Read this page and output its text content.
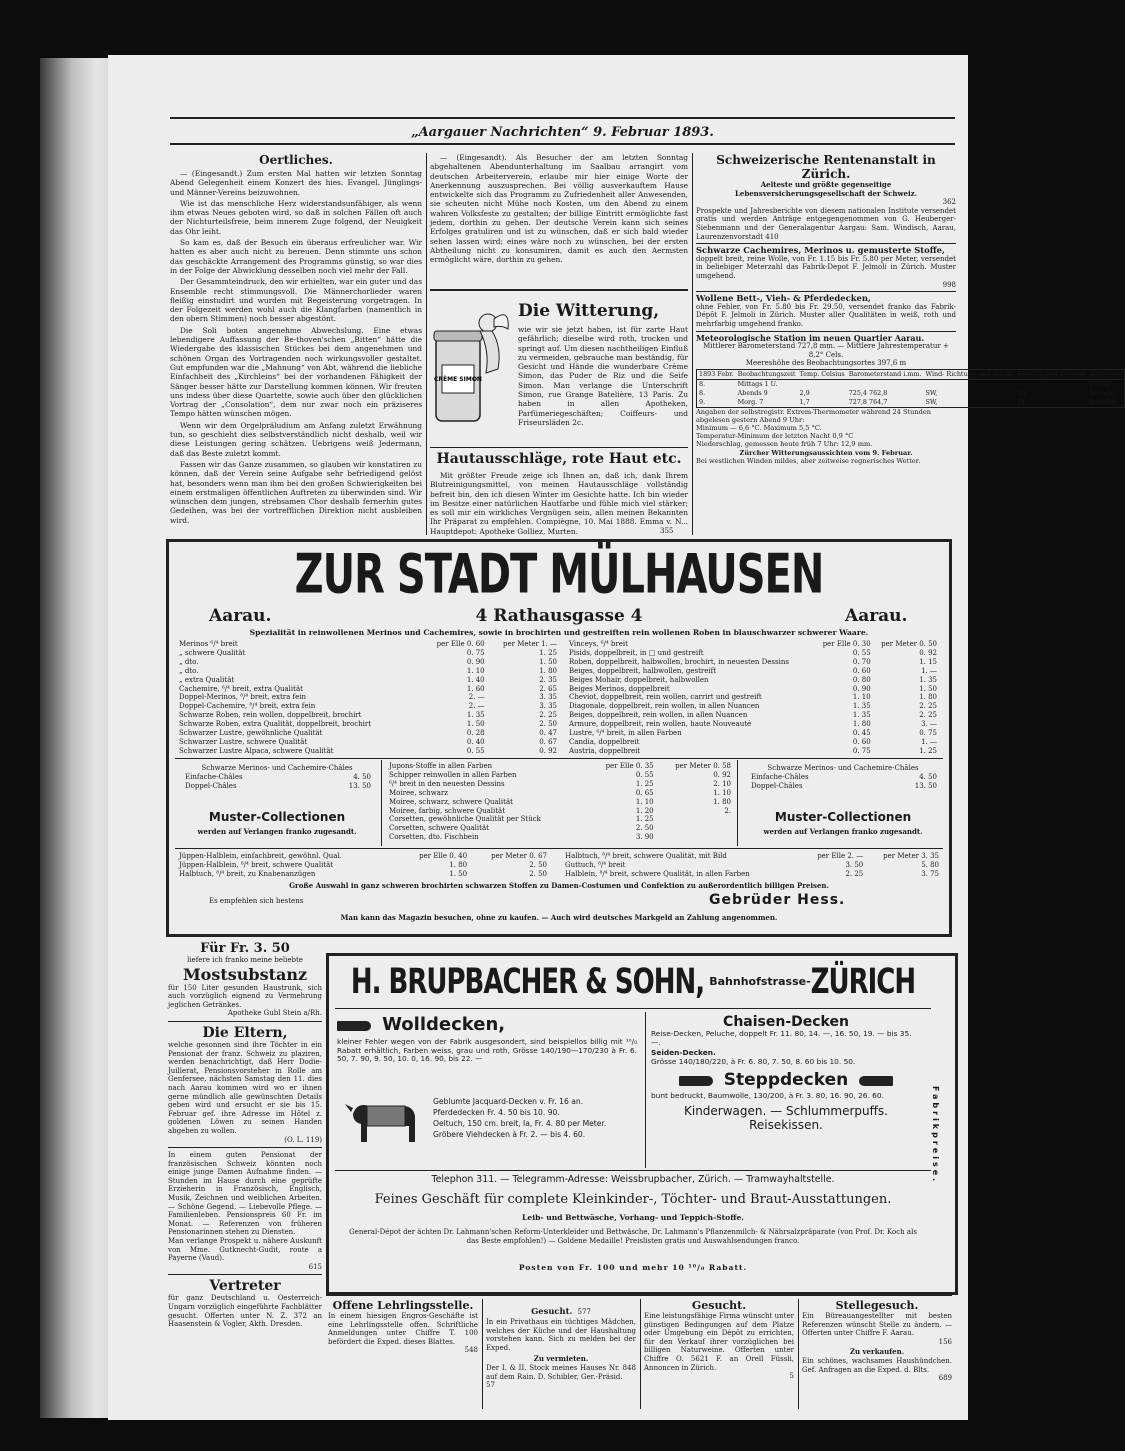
„Aargauer Nachrichten“ 9. Februar 1893.
Oertliches.

— (Eingesandt.) Zum ersten Mal hatten wir letzten Sonntag Abend Gelegenheit einem Konzert des hies. Evangel. Jünglings- und Männer-Vereins beizuwohnen.

Wie ist das menschliche Herz widerstandsunfähiger, als wenn ihm etwas Neues geboten wird, so daß in solchen Fällen oft auch der Nichturteilsfreie, beim innerem Zuge folgend, der Neuigkeit das Ohr leiht.

So kam es, daß der Besuch ein überaus erfreulicher war. Wir hatten es aber auch nicht zu bereuen. Denn stimmte uns schon das geschäckte Arrangement des Programms günstig, so war dies in der Folge der Abwicklung desselben noch viel mehr der Fall.

Der Gesammteindruck, den wir erhielten, war ein guter und das Ensemble recht stimmungsvoll. Die Männerchorlieder waren fleißig einstudirt und wurden mit Begeisterung vorgetragen. In der Folgezeit werden wohl auch die Klangfarben (namentlich in den obern Stimmen) noch besser abgestönt.

Die Soli boten angenehme Abwechslung. Eine etwas lebendigere Auffassung der Be-thoven'schen „Bitten“ hätte die Wiedergabe des klassischen Stückes bei dem angenehmen und schönen Organ des Vortragenden noch wirkungsvoller gestaltet. Gut empfunden war die „Mahnung“ von Abt, während die liebliche Einfachheit des „Kirchleins“ bei der vorhandenen Fähigkeit der Sänger besser hätte zur Darstellung kommen können. Wir freuten uns indess über diese Quartette, sowie auch über den glücklichen Vortrag der „Consolation“, dem nur zwar noch ein präziseres Tempo hätten wünschen mögen.

Wenn wir dem Orgelpräludium am Anfang zuletzt Erwähnung tun, so geschieht dies selbstverständlich nicht deshalb, weil wir diese Leistungen gering schätzen. Uebrigens weiß Jedermann, daß das Beste zuletzt kommt.

Fassen wir das Ganze zusammen, so glauben wir konstatiren zu können, daß der Verein seine Aufgabe sehr befriedigend gelöst hat, besonders wenn man ihm bei den großen Schwierigkeiten bei einem erstmaligen öffentlichen Auftreten zu überwinden sind. Wir wünschen dem jungen, strebsamen Chor deshalb fernerhin gutes Gedeihen, was bei der vortrefflichen Direktion nicht ausbleiben wird.

— (Eingesandt). Als Besucher der am letzten Sonntag abgehaltenen Abendunterhaltung im Saalbau arrangirt vom deutschen Arbeiterverein, erlaube mir hier einige Worte der Anerkennung auszusprechen. Bei völlig ausverkauftem Hause entwickelte sich das Programm zu Zufriedenheit aller Anwesenden, sie scheuten nicht Mühe noch Kosten, um den Abend zu einem wahren Volksfeste zu gestalten; der billige Eintritt ermöglichte fast jedem, dorthin zu gehen. Der deutsche Verein kann sich seines Erfolges gratuliren und ist zu wünschen, daß er sich bald wieder sehen lassen wird; eines wäre noch zu wünschen, bei der ersten Abtheilung nicht zu konsumiren, damit es auch den Aermsten ermöglicht wäre, dorthin zu gehen.

CRÈME SIMON
Die Witterung,
wie wir sie jetzt haben, ist für zarte Haut gefährlich; dieselbe wird roth, trocken und springt auf. Um diesen nachtheiligen Einfluß zu vermeiden, gebrauche man beständig, für Gesicht und Hände die wunderbare Crème Simon, das Puder de Riz und die Seife Simon. Man verlange die Unterschrift Simon, rue Grange Batelière, 13 Paris. Zu haben in allen Apotheken, Parfümeriegeschäften; Coiffeurs- und Friseursläden 2c.
Hautausschläge, rote Haut etc.

Mit größter Freude zeige ich Ihnen an, daß ich, dank Ihrem Blutreinigungsmittel, von meinen Hautausschläge vollständig befreit bin, den ich diesen Winter im Gesichte hatte. Ich bin wieder im Besitze einer natürlichen Hautfarbe und fühle mich viel stärker; es soll mir ein wirkliches Vergnügen sein, allen meinen Bekannten Ihr Präparat zu empfehlen. Compiègne, 10. Mai 1888. Emma v. N... Hauptdepot: Apotheke Golliez, Murten.	355
Schweizerische Rentenanstalt in Zürich.
Aelteste und größte gegenseitige Lebensversicherungsgesellschaft der Schweiz.
362
Prospekte und Jahresberichte von diesem nationalen Institute versendet gratis und werden Anträge entgegengenommen von G. Heuberger-Siebenmann und der Generalagentur Aargau: Sam. Windisch, Aarau, Laurenzenvorstadt 410
Schwarze Cachemires, Merinos u. gemusterte Stoffe,
doppelt breit, reine Wolle, von Fr. 1.15 bis Fr. 5.80 per Meter, versendet in beliebiger Meterzahl das Fabrik-Depot F. Jelmoli in Zürich. Muster umgehend.
998
Wollene Bett-, Vieh- & Pferdedecken,
ohne Fehler, von Fr. 5.80 bis Fr. 29.50, versendet franko das Fabrik-Dépôt F. Jelmoli in Zürich. Muster aller Qualitäten in weiß, roth und mehrfarbig umgehend franko.
Meteorologische Station im neuen Quartier Aarau.
Mittlerer Barometerstand 727,8 mm. — Mittlere Jahrestemperatur + 8,2° Cels.
Meereshöhe des Beobachtungsortes 397,6 m
1893 Febr.	Beobachtungszeit	Temp. Celsius	Barometerstand i.mm.	Wind- Richtung und Stärke	Feuchtigkeit Prozent	Witterung
8.	Mittags 1 U.					wolkig
8.	Abends 9	2,9	725,4 762,8	SW,	95	bedeckt
9.	Morg. 7	1,7	727,8 764,7	SW,	91	bewolkt
Angaben der selbstregistr. Extrem-Thermometer während 24 Stunden abgelesen gestern Abend 9 Uhr:
Minimum — 6,6 °C. Maximum 5,5 °C.
Temperatur-Minimum der letzten Nacht 0,9 °C
Niederschlag, gemessen heute früh 7 Uhr: 12,9 mm.
Zürcher Witterungsaussichten vom 9. Februar.
Bei westlichen Winden mildes, aber zeitweise regnerisches Wetter.
ZUR STADT MÜLHAUSEN
Aarau.	4 Rathausgasse 4	Aarau.
Spezialität in reinwollenen Merinos und Cachemires, sowie in brochirten und gestreiften rein wollenen Roben in blauschwarzer schwerer Waare.
Merinos ⁶/⁴ breit	per Elle 0. 60	per Meter 1. —
„ schwere Qualität	0. 75	1. 25
„ dto.	0. 90	1. 50
„ dto.	1. 10	1. 80
„ extra Qualität	1. 40	2. 35
Cachemire, ⁶/⁴ breit, extra Qualität	1. 60	2. 65
Doppel-Merinos, ⁸/⁴ breit, extra fein	2. —	3. 35
Doppel-Cachemire, ⁸/⁴ breit, extra fein	2. —	3. 35
Schwarze Roben, rein wollen, doppelbreit, brochirt	1. 35	2. 25
Schwarze Roben, extra Qualität, doppelbreit, brochirt	1. 50	2. 50
Schwarzer Lustre, gewöhnliche Qualität	0. 28	0. 47
Schwarzer Lustre, schwere Qualität	0. 40	0. 67
Schwarzer Lustre Alpaca, schwere Qualität	0. 55	0. 92
Vinceys, ⁶/⁴ breit	per Elle 0. 30	per Meter 0. 50
Pisids, doppelbreit, in □ und gestreift	0. 55	0. 92
Roben, doppelbreit, halbwollen, brochirt, in neuesten Dessins	0. 70	1. 15
Beiges, doppelbreit, halbwollen, gestreift	0. 60	1. —
Beiges Mohair, doppelbreit, halbwollen	0. 80	1. 35
Beiges Merinos, doppelbreit	0. 90	1. 50
Cheviot, doppelbreit, rein wollen, carrirt und gestreift	1. 10	1. 80
Diagonale, doppelbreit, rein wollen, in allen Nuancen	1. 35	2. 25
Beiges, doppelbreit, rein wollen, in allen Nuancen	1. 35	2. 25
Armure, doppelbreit, rein wollen, haute Nouveauté	1. 80	3. —
Lustre, ⁶/⁴ breit, in allen Farben	0. 45	0. 75
Candia, doppelbreit	0. 60	1. —
Austria, doppelbreit	0. 75	1. 25
Schwarze Merinos- und Cachemire-Châles
Einfache-Châles	4. 50
Doppel-Châles	13. 50
Muster-Collectionen
werden auf Verlangen franko zugesandt.
Jupons-Stoffe in allen Farben	per Elle 0. 35	per Meter 0. 58
Schipper reinwollen in allen Farben	0. 55	0. 92
⁶/⁴ breit in den neuesten Dessins	1. 25	2. 10
Moiree, schwarz	0. 65	1. 10
Moiree, schwarz, schwere Qualität	1. 10	1. 80
Moiree, farbig, schwere Qualität	1. 20	2.
Corsetten, gewöhnliche Qualität per Stück	1. 25	
Corsetten, schwere Qualität	2. 50	
Corsetten, dto. Fischbein	3. 90	
Schwarze Merinos- und Cachemire-Châles
Einfache-Châles	4. 50
Doppel-Châles	13. 50
Muster-Collectionen
werden auf Verlangen franko zugesandt.
Jüppen-Halblein, einfachbreit, gewöhnl. Qual.	per Elle 0. 40	per Meter 0. 67
Jüppen-Halblein, ⁸/⁴ breit, schwere Qualität	1. 80	2. 50
Halbtuch, ⁸/⁴ breit, zu Knabenanzügen	1. 50	2. 50
Halbtuch, ⁸/⁴ breit, schwere Qualität, mit Bild	per Elle 2. —	per Meter 3. 35
Guttuch, ⁸/⁴ breit	3. 50	5. 80
Halblein, ⁸/⁴ breit, schwere Qualität, in allen Farben	2. 25	3. 75
Große Auswahl in ganz schweren brochirten schwarzen Stoffen zu Damen-Costumen und Confektion zu außerordentlich billigen Preisen.
Es empfehlen sich bestens	Gebrüder Hess.
Man kann das Magazin besuchen, ohne zu kaufen. — Auch wird deutsches Markgeld an Zahlung angenommen.
Für Fr. 3. 50
liefere ich franko meine beliebte
Mostsubstanz
für 150 Liter gesunden Haustrunk, sich auch vorzüglich eignend zu Vermehrung jeglichen Getränkes.
Apotheke Gubl Stein a/Rh.
Die Eltern,
welche gesonnen sind ihre Töchter in ein Pensionat der franz. Schweiz zu plaziren, werden benachrichtigt, daß Herr Dodie-Juillerat, Pensionsvorsteher in Rolle am Genfersee, nächsten Samstag den 11. dies nach Aarau kommen wird wo er ihnen gerne mündlich alle gewünschten Details geben wird und ersucht er sie bis 15. Februar gef. ihre Adresse im Hôtel z. goldenen Löwen zu seinen Handen abgeben zu wollen.
(O. L. 119)
In einem guten Pensionat der französischen Schweiz könnten noch einige junge Damen Aufnahme finden. — Stunden im Hause durch eine geprüfte Erzieherin in Französisch, Englisch, Musik, Zeichnen und weiblichen Arbeiten. — Schöne Gegend. — Liebevolle Pflege. — Familienleben. Pensionspreis 60 Fr. im Monat. — Referenzen von früheren Pensionarinnen stehen zu Diensten.
Man verlange Prospekt u. nähere Auskunft von Mme. Gutknecht-Gudit, route a Payerne (Vaud).
615
Vertreter
für ganz Deutschland u. Oesterreich-Ungarn vorzüglich eingeführte Fachblätter gesucht. Offerten unter N. Z. 372 an Haasenstein & Vogler, Akth. Dresden.
H. BRUPBACHER & SOHN, Bahnhofstrasse-ZÜRICH
Wolldecken,
kleiner Fehler wegen von der Fabrik ausgesondert, sind beispiellos billig mit ¹⁰/₀ Rabatt erhältlich, Farben weiss, grau und roth, Grösse 140/190—170/230 à Fr. 6. 50, 7. 90, 9. 50, 10. 0, 16. 90, bis 22. —
Geblumte Jacquard-Decken v. Fr. 16 an.
Pferdedecken Fr. 4. 50 bis 10. 90.
Oeltuch, 150 cm. breit, Ia, Fr. 4. 80 per Meter.
Gröbere Viehdecken à Fr. 2. — bis 4. 60.
Chaisen-Decken
Reise-Decken, Peluche, doppelt Fr. 11. 80, 14. —, 16. 50, 19. — bis 35. —.
Seiden-Decken.
Grösse 140/180/220, à Fr. 6. 80, 7. 50, 8. 60 bis 10. 50.
Steppdecken
bunt bedruckt, Baumwolle, 130/200, à Fr. 3. 80, 16. 90, 26. 60.
Kinderwagen. — Schlummerpuffs.
Reisekissen.	Fabrikpreise.
Telephon 311. — Telegramm-Adresse: Weissbrupbacher, Zürich. — Tramwayhaltstelle.
Feines Geschäft für complete Kleinkinder-, Töchter- und Braut-Ausstattungen.
Leib- und Bettwäsche, Vorhang- und Teppich-Stoffe.
General-Dépot der ächten Dr. Lahmann'schen Reform-Unterkleider und Bettwäsche, Dr. Lahmann's Pflanzenmilch- & Nährsalzpräparate (von Prof. Dr. Koch als das Beste empfohlen!) — Goldene Medaille! Preislisten gratis und Auswahlsendungen franco.
Posten von Fr. 100 und mehr 10 ¹⁰/₀ Rabatt.
Offene Lehrlingsstelle.
In einem hiesigen Engros-Geschäfte ist eine Lehrlingsstelle offen. Schriftliche Anmeldungen unter Chiffre T. 100 befördert die Exped. dieses Blattes.
548
Gesucht. 577
In ein Privathaus ein tüchtiges Mädchen, welches der Küche und der Haushaltung vorstehen kann. Sich zu melden bei der Exped.
Zu vermieten.
Der I. & II. Stock meines Hauses Nr. 848 auf dem Rain. D. Schibler, Ger.-Präsid.
57
Gesucht.
Eine leistungsfähige Firma wünscht unter günstigen Bedingungen auf dem Platze oder Umgebung ein Dépôt zu errichten, für den Verkauf ihrer vorzüglichen bei billigen Naturweine. Offerten unter Chiffre O. 5621 F. an Orell Füssli, Annoncen in Zürich.
5
Stellegesuch.
Ein Büreauangestellter mit besten Referenzen wünscht Stelle zu ändern. — Offerten unter Chiffre F. Aarau.
156
Zu verkaufen.
Ein schönes, wachsames Haushündchen. Gef. Anfragen an die Exped. d. Blts.
689
